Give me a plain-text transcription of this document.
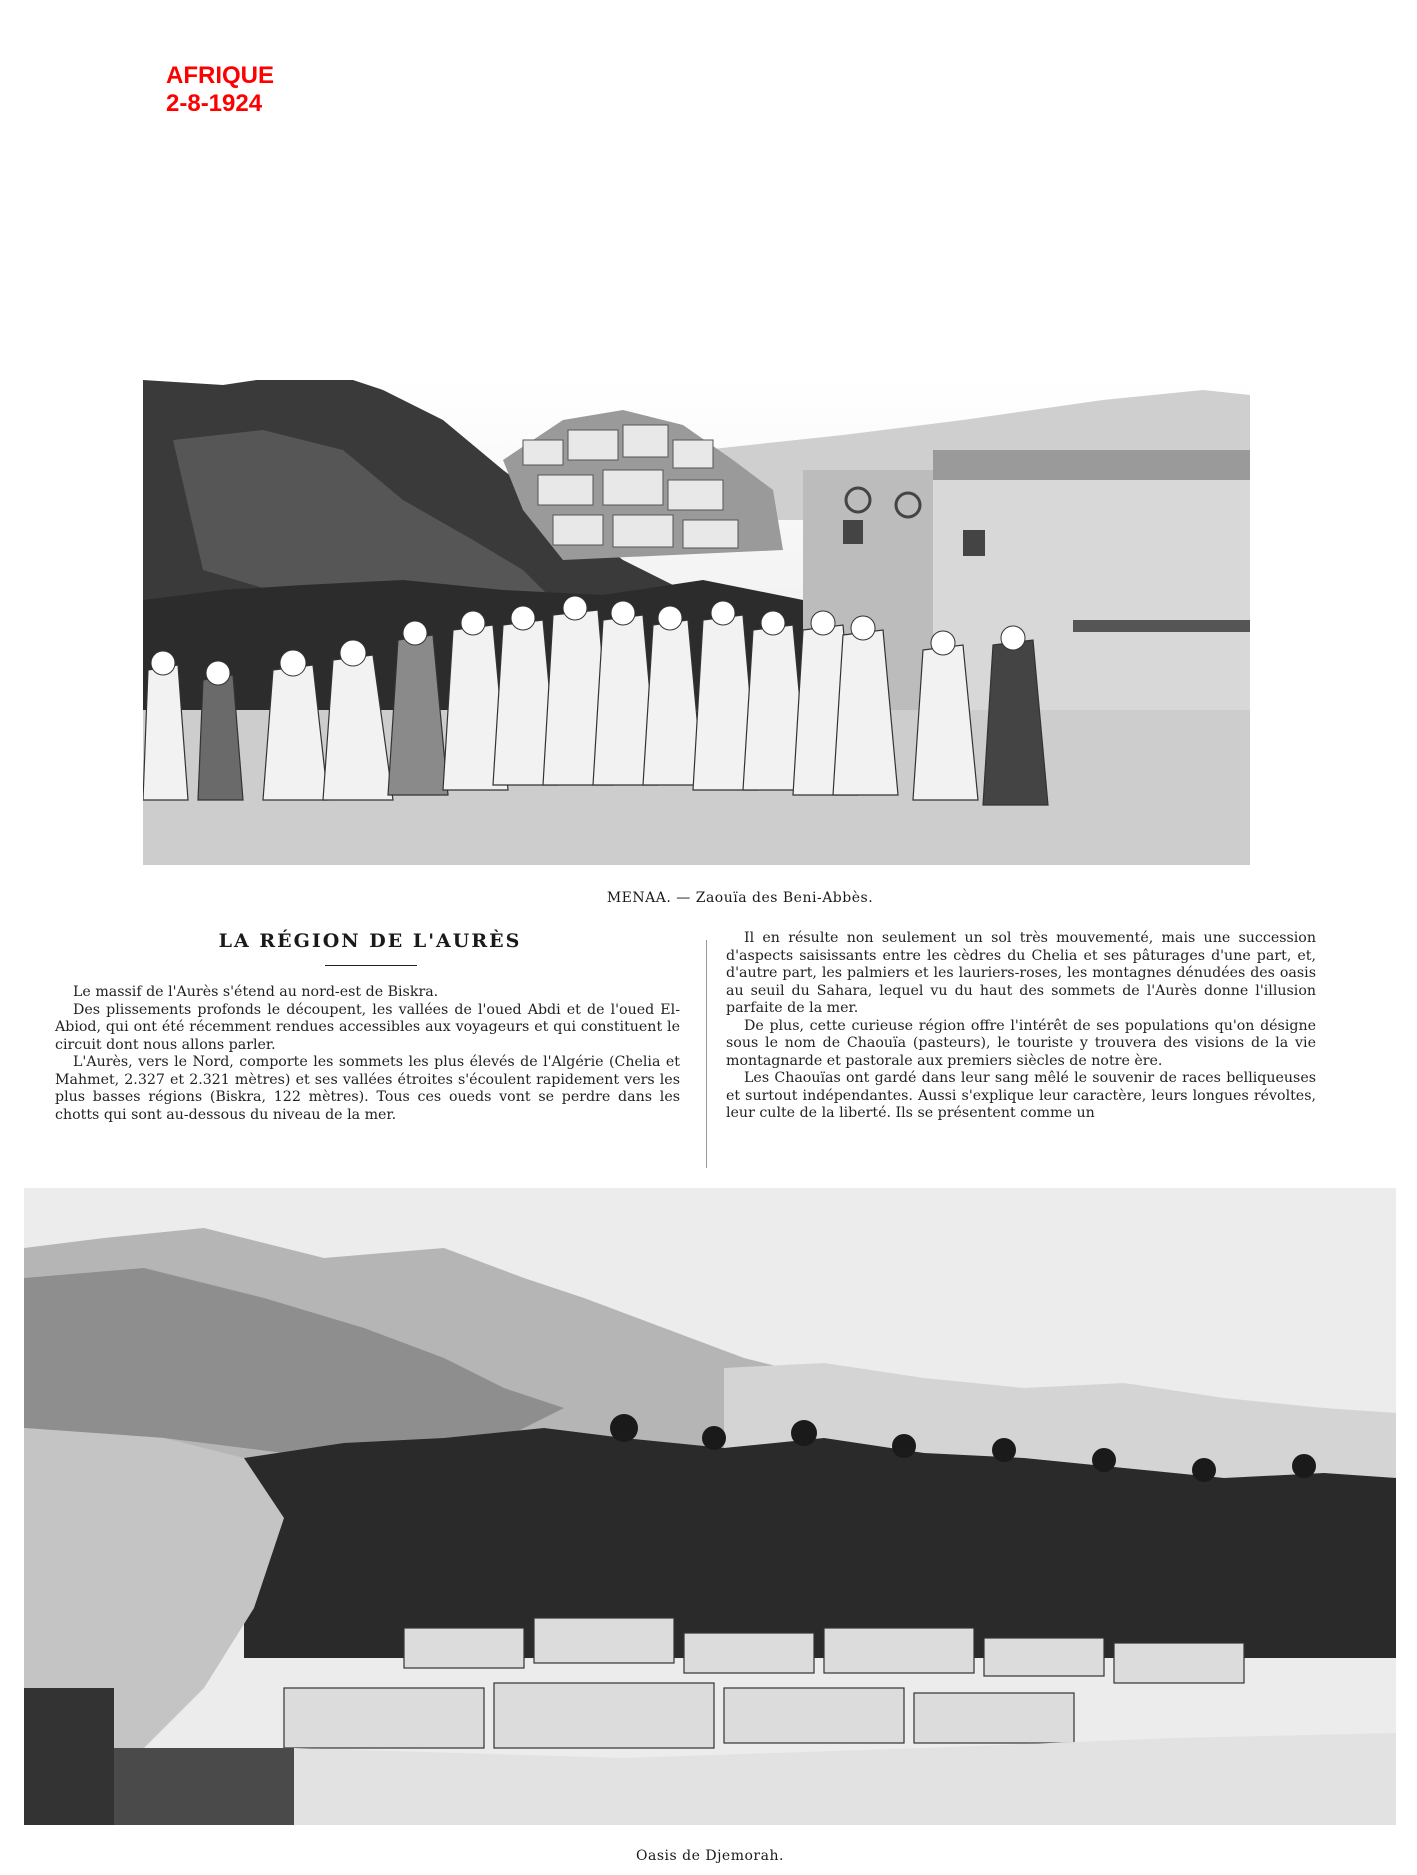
AFRIQUE
2-8-1924
MENAA. — Zaouïa des Beni-Abbès.
LA RÉGION DE L'AURÈS

Le massif de l'Aurès s'étend au nord-est de Biskra.

Des plissements profonds le découpent, les vallées de l'oued Abdi et de l'oued El-Abiod, qui ont été récemment rendues accessibles aux voyageurs et qui constituent le circuit dont nous allons parler.

L'Aurès, vers le Nord, comporte les sommets les plus élevés de l'Algérie (Chelia et Mahmet, 2.327 et 2.321 mètres) et ses vallées étroites s'écoulent rapidement vers les plus basses régions (Biskra, 122 mètres). Tous ces oueds vont se perdre dans les chotts qui sont au-dessous du niveau de la mer.

Il en résulte non seulement un sol très mouvementé, mais une succession d'aspects saisissants entre les cèdres du Chelia et ses pâturages d'une part, et, d'autre part, les palmiers et les lauriers-roses, les montagnes dénudées des oasis au seuil du Sahara, lequel vu du haut des sommets de l'Aurès donne l'illusion parfaite de la mer.

De plus, cette curieuse région offre l'intérêt de ses populations qu'on désigne sous le nom de Chaouïa (pasteurs), le touriste y trouvera des visions de la vie montagnarde et pastorale aux premiers siècles de notre ère.

Les Chaouïas ont gardé dans leur sang mêlé le souvenir de races belliqueuses et surtout indépendantes. Aussi s'explique leur caractère, leurs longues révoltes, leur culte de la liberté. Ils se présentent comme un

Oasis de Djemorah.
